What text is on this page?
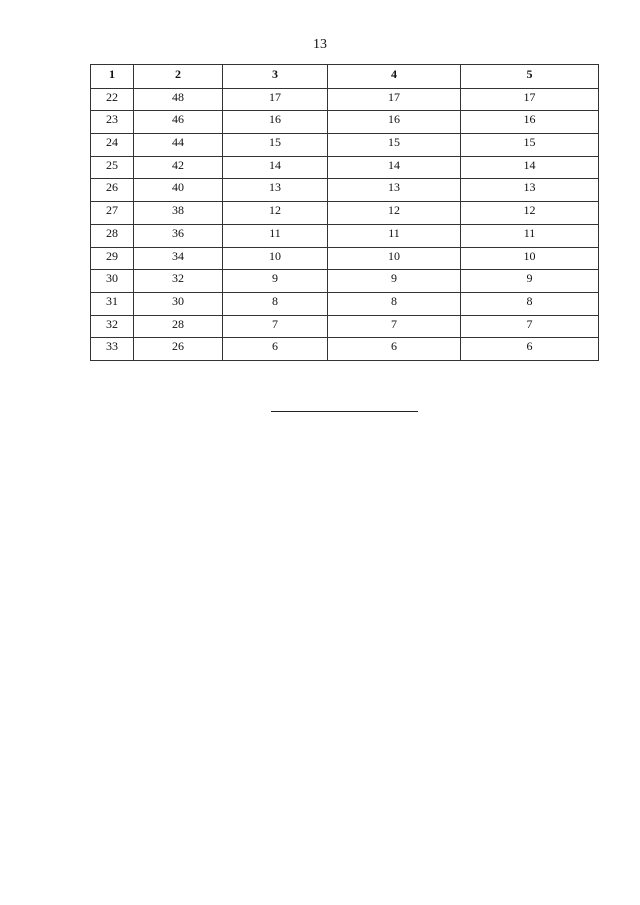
13
1	2	3	4	5
22	48	17	17	17
23	46	16	16	16
24	44	15	15	15
25	42	14	14	14
26	40	13	13	13
27	38	12	12	12
28	36	11	11	11
29	34	10	10	10
30	32	9	9	9
31	30	8	8	8
32	28	7	7	7
33	26	6	6	6
